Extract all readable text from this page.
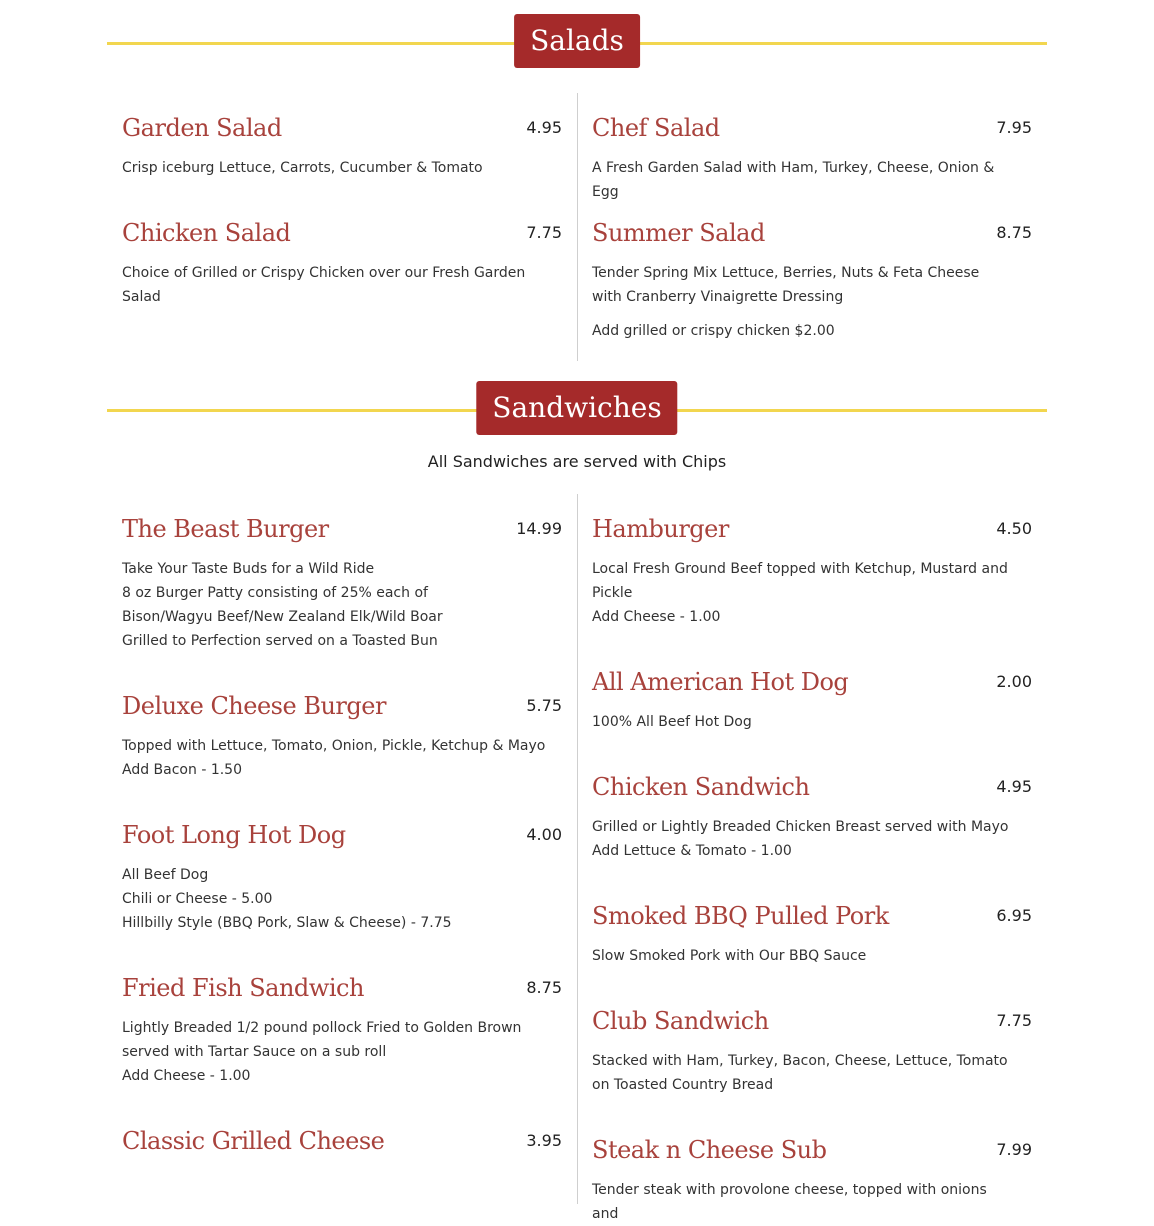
Salads
Garden Salad	4.95
Crisp iceburg Lettuce, Carrots, Cucumber & Tomato
Chicken Salad	7.75
Choice of Grilled or Crispy Chicken over our Fresh Garden Salad
Chef Salad	7.95
A Fresh Garden Salad with Ham, Turkey, Cheese, Onion & Egg
Summer Salad	8.75
Tender Spring Mix Lettuce, Berries, Nuts & Feta Cheese with Cranberry Vinaigrette Dressing
Add grilled or crispy chicken $2.00
Sandwiches
All Sandwiches are served with Chips
The Beast Burger	14.99
Take Your Taste Buds for a Wild Ride
8 oz Burger Patty consisting of 25% each of Bison/Wagyu Beef/New Zealand Elk/Wild Boar
Grilled to Perfection served on a Toasted Bun
Deluxe Cheese Burger	5.75
Topped with Lettuce, Tomato, Onion, Pickle, Ketchup & Mayo
Add Bacon - 1.50
Foot Long Hot Dog	4.00
All Beef Dog
Chili or Cheese - 5.00
Hillbilly Style (BBQ Pork, Slaw & Cheese) - 7.75
Fried Fish Sandwich	8.75
Lightly Breaded 1/2 pound pollock Fried to Golden Brown served with Tartar Sauce on a sub roll
Add Cheese - 1.00
Classic Grilled Cheese	3.95
Hamburger	4.50
Local Fresh Ground Beef topped with Ketchup, Mustard and Pickle
Add Cheese - 1.00
All American Hot Dog	2.00
100% All Beef Hot Dog
Chicken Sandwich	4.95
Grilled or Lightly Breaded Chicken Breast served with Mayo
Add Lettuce & Tomato - 1.00
Smoked BBQ Pulled Pork	6.95
Slow Smoked Pork with Our BBQ Sauce
Club Sandwich	7.75
Stacked with Ham, Turkey, Bacon, Cheese, Lettuce, Tomato on Toasted Country Bread
Steak n Cheese Sub	7.99
Tender steak with provolone cheese, topped with onions and
